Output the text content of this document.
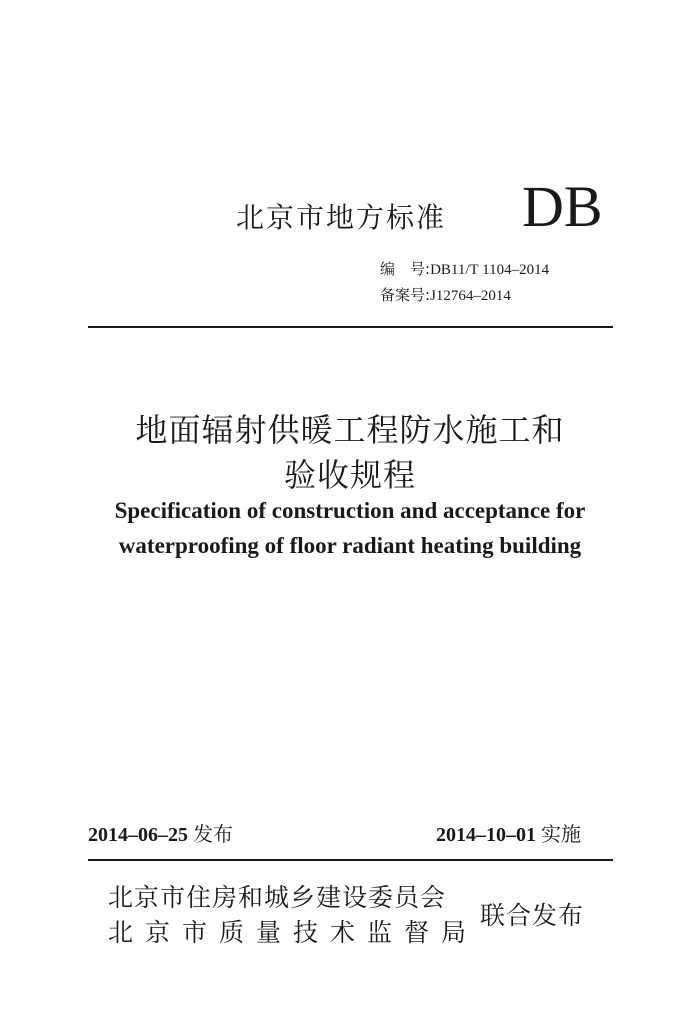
北京市地方标准 DB
编　号:DB11/T 1104–2014
备案号:J12764–2014
地面辐射供暖工程防水施工和
验收规程
Specification of construction and acceptance for
waterproofing of floor radiant heating building
2014–06–25 发布	2014–10–01 实施
北京市住房和城乡建设委员会
北京市质量技术监督局
联合发布
